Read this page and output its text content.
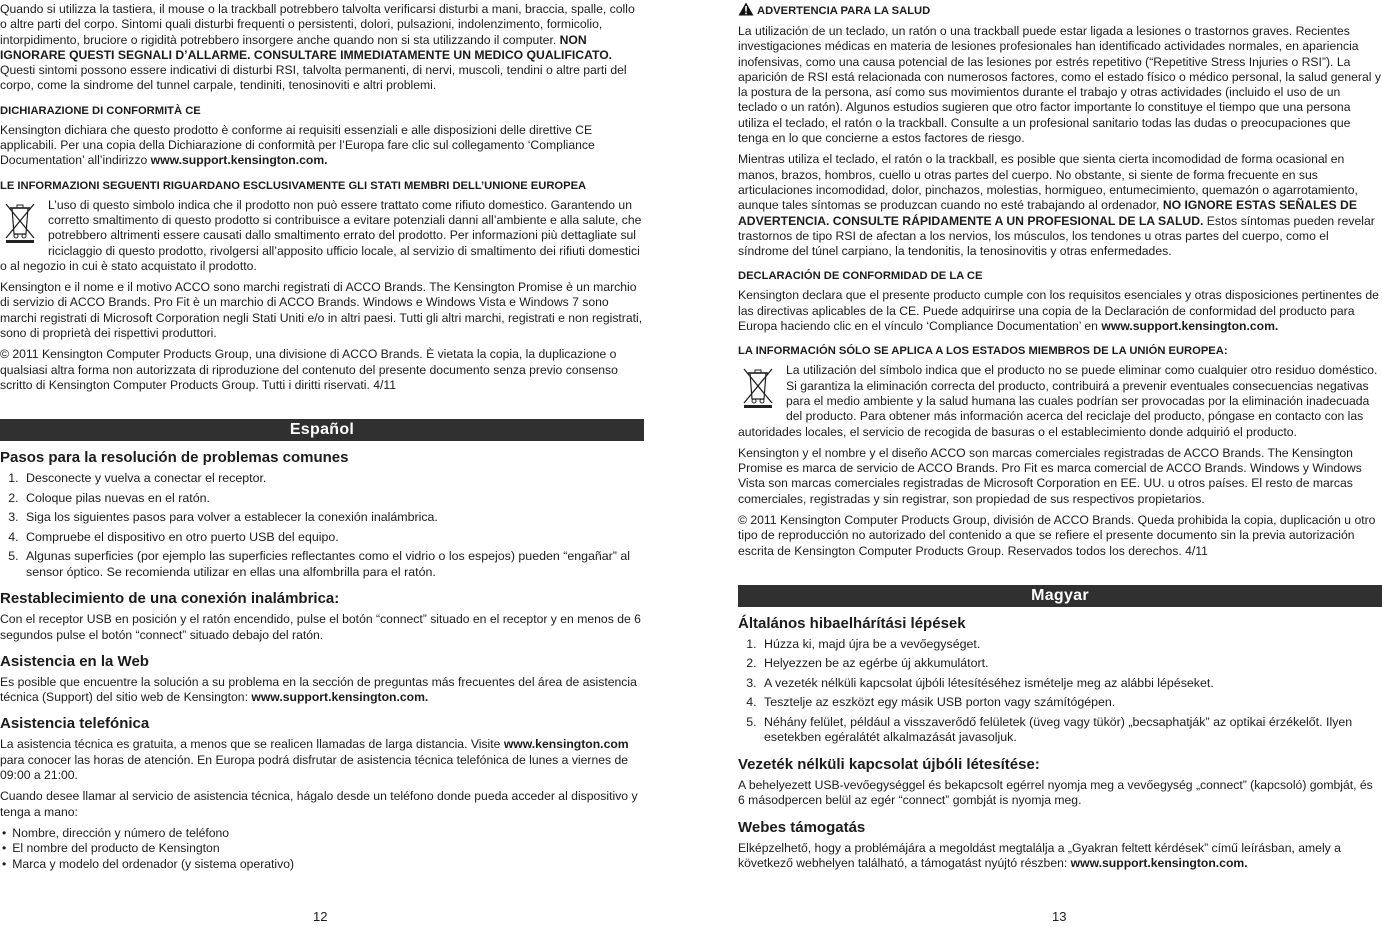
Quando si utilizza la tastiera, il mouse o la trackball potrebbero talvolta verificarsi disturbi a mani, braccia, spalle, collo o altre parti del corpo. Sintomi quali disturbi frequenti o persistenti, dolori, pulsazioni, indolenzimento, formicolio, intorpidimento, bruciore o rigidità potrebbero insorgere anche quando non si sta utilizzando il computer. NON IGNORARE QUESTI SEGNALI D’ALLARME. CONSULTARE IMMEDIATAMENTE UN MEDICO QUALIFICATO. Questi sintomi possono essere indicativi di disturbi RSI, talvolta permanenti, di nervi, muscoli, tendini o altre parti del corpo, come la sindrome del tunnel carpale, tendiniti, tenosinoviti e altri problemi.

DICHIARAZIONE DI CONFORMITÀ CE

Kensington dichiara che questo prodotto è conforme ai requisiti essenziali e alle disposizioni delle direttive CE applicabili. Per una copia della Dichiarazione di conformità per l’Europa fare clic sul collegamento ‘Compliance Documentation’ all’indirizzo www.support.kensington.com.

LE INFORMAZIONI SEGUENTI RIGUARDANO ESCLUSIVAMENTE GLI STATI MEMBRI DELL’UNIONE EUROPEA

L’uso di questo simbolo indica che il prodotto non può essere trattato come rifiuto domestico. Garantendo un corretto smaltimento di questo prodotto si contribuisce a evitare potenziali danni all’ambiente e alla salute, che potrebbero altrimenti essere causati dallo smaltimento errato del prodotto. Per informazioni più dettagliate sul riciclaggio di questo prodotto, rivolgersi all’apposito ufficio locale, al servizio di smaltimento dei rifiuti domestici o al negozio in cui è stato acquistato il prodotto.

Kensington e il nome e il motivo ACCO sono marchi registrati di ACCO Brands. The Kensington Promise è un marchio di servizio di ACCO Brands. Pro Fit è un marchio di ACCO Brands. Windows e Windows Vista e Windows 7 sono marchi registrati di Microsoft Corporation negli Stati Uniti e/o in altri paesi. Tutti gli altri marchi, registrati e non registrati, sono di proprietà dei rispettivi produttori.

© 2011 Kensington Computer Products Group, una divisione di ACCO Brands. È vietata la copia, la duplicazione o qualsiasi altra forma non autorizzata di riproduzione del contenuto del presente documento senza previo consenso scritto di Kensington Computer Products Group. Tutti i diritti riservati. 4/11

Español
Pasos para la resolución de problemas comunes
1. Desconecte y vuelva a conectar el receptor.
2. Coloque pilas nuevas en el ratón.
3. Siga los siguientes pasos para volver a establecer la conexión inalámbrica.
4. Compruebe el dispositivo en otro puerto USB del equipo.
5. Algunas superficies (por ejemplo las superficies reflectantes como el vidrio o los espejos) pueden “engañar” al sensor óptico. Se recomienda utilizar en ellas una alfombrilla para el ratón.
Restablecimiento de una conexión inalámbrica:

Con el receptor USB en posición y el ratón encendido, pulse el botón “connect” situado en el receptor y en menos de 6 segundos pulse el botón “connect” situado debajo del ratón.

Asistencia en la Web

Es posible que encuentre la solución a su problema en la sección de preguntas más frecuentes del área de asistencia técnica (Support) del sitio web de Kensington: www.support.kensington.com.

Asistencia telefónica

La asistencia técnica es gratuita, a menos que se realicen llamadas de larga distancia. Visite www.kensington.com para conocer las horas de atención. En Europa podrá disfrutar de asistencia técnica telefónica de lunes a viernes de 09:00 a 21:00.

Cuando desee llamar al servicio de asistencia técnica, hágalo desde un teléfono donde pueda acceder al dispositivo y tenga a mano:

• Nombre, dirección y número de teléfono
• El nombre del producto de Kensington
• Marca y modelo del ordenador (y sistema operativo)
12
ADVERTENCIA PARA LA SALUD

La utilización de un teclado, un ratón o una trackball puede estar ligada a lesiones o trastornos graves. Recientes investigaciones médicas en materia de lesiones profesionales han identificado actividades normales, en apariencia inofensivas, como una causa potencial de las lesiones por estrés repetitivo (“Repetitive Stress Injuries o RSI”). La aparición de RSI está relacionada con numerosos factores, como el estado físico o médico personal, la salud general y la postura de la persona, así como sus movimientos durante el trabajo y otras actividades (incluido el uso de un teclado o un ratón). Algunos estudios sugieren que otro factor importante lo constituye el tiempo que una persona utiliza el teclado, el ratón o la trackball. Consulte a un profesional sanitario todas las dudas o preocupaciones que tenga en lo que concierne a estos factores de riesgo.

Mientras utiliza el teclado, el ratón o la trackball, es posible que sienta cierta incomodidad de forma ocasional en manos, brazos, hombros, cuello u otras partes del cuerpo. No obstante, si siente de forma frecuente en sus articulaciones incomodidad, dolor, pinchazos, molestias, hormigueo, entumecimiento, quemazón o agarrotamiento, aunque tales síntomas se produzcan cuando no esté trabajando al ordenador, NO IGNORE ESTAS SEÑALES DE ADVERTENCIA. CONSULTE RÁPIDAMENTE A UN PROFESIONAL DE LA SALUD. Estos síntomas pueden revelar trastornos de tipo RSI de afectan a los nervios, los músculos, los tendones u otras partes del cuerpo, como el síndrome del túnel carpiano, la tendonitis, la tenosinovitis y otras enfermedades.

DECLARACIÓN DE CONFORMIDAD DE LA CE

Kensington declara que el presente producto cumple con los requisitos esenciales y otras disposiciones pertinentes de las directivas aplicables de la CE. Puede adquirirse una copia de la Declaración de conformidad del producto para Europa haciendo clic en el vínculo ‘Compliance Documentation’ en www.support.kensington.com.

LA INFORMACIÓN SÓLO SE APLICA A LOS ESTADOS MIEMBROS DE LA UNIÓN EUROPEA:

La utilización del símbolo indica que el producto no se puede eliminar como cualquier otro residuo doméstico. Si garantiza la eliminación correcta del producto, contribuirá a prevenir eventuales consecuencias negativas para el medio ambiente y la salud humana las cuales podrían ser provocadas por la eliminación inadecuada del producto. Para obtener más información acerca del reciclaje del producto, póngase en contacto con las autoridades locales, el servicio de recogida de basuras o el establecimiento donde adquirió el producto.

Kensington y el nombre y el diseño ACCO son marcas comerciales registradas de ACCO Brands. The Kensington Promise es marca de servicio de ACCO Brands. Pro Fit es marca comercial de ACCO Brands. Windows y Windows Vista son marcas comerciales registradas de Microsoft Corporation en EE. UU. u otros países. El resto de marcas comerciales, registradas y sin registrar, son propiedad de sus respectivos propietarios.

© 2011 Kensington Computer Products Group, división de ACCO Brands. Queda prohibida la copia, duplicación u otro tipo de reproducción no autorizado del contenido a que se refiere el presente documento sin la previa autorización escrita de Kensington Computer Products Group. Reservados todos los derechos. 4/11

Magyar
Általános hibaelhárítási lépések
1. Húzza ki, majd újra be a vevőegységet.
2. Helyezzen be az egérbe új akkumulátort.
3. A vezeték nélküli kapcsolat újbóli létesítéséhez ismételje meg az alábbi lépéseket.
4. Tesztelje az eszközt egy másik USB porton vagy számítógépen.
5. Néhány felület, például a visszaverődő felületek (üveg vagy tükör) „becsaphatják” az optikai érzékelőt. Ilyen esetekben egéralátét alkalmazását javasoljuk.
Vezeték nélküli kapcsolat újbóli létesítése:

A behelyezett USB-vevőegységgel és bekapcsolt egérrel nyomja meg a vevőegység „connect” (kapcsoló) gombját, és 6 másodpercen belül az egér “connect” gombját is nyomja meg.

Webes támogatás

Elképzelhető, hogy a problémájára a megoldást megtalálja a „Gyakran feltett kérdések” című leírásban, amely a következő webhelyen található, a támogatást nyújtó részben: www.support.kensington.com.

13
